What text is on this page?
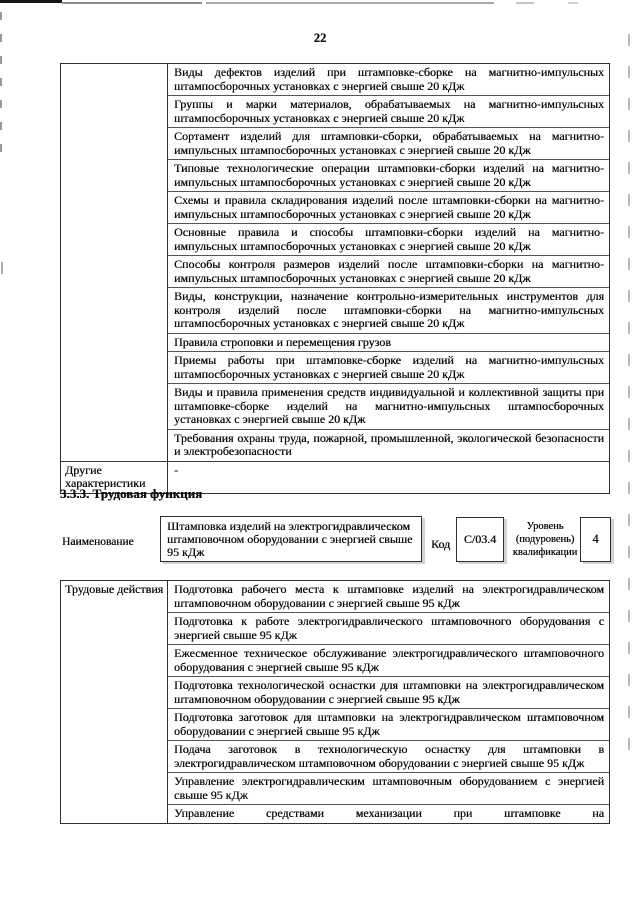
22
Виды дефектов изделий при штамповке-сборке на магнитно-импульсных штампосборочных установках с энергией свыше 20 кДж
Группы и марки материалов, обрабатываемых на магнитно-импульсных штампосборочных установках с энергией свыше 20 кДж
Сортамент изделий для штамповки-сборки, обрабатываемых на магнитно-импульсных штампосборочных установках с энергией свыше 20 кДж
Типовые технологические операции штамповки-сборки изделий на магнитно-импульсных штампосборочных установках с энергией свыше 20 кДж
Схемы и правила складирования изделий после штамповки-сборки на магнитно-импульсных штампосборочных установках с энергией свыше 20 кДж
Основные правила и способы штамповки-сборки изделий на магнитно-импульсных штампосборочных установках с энергией свыше 20 кДж
Способы контроля размеров изделий после штамповки-сборки на магнитно-импульсных штампосборочных установках с энергией свыше 20 кДж
Виды, конструкции, назначение контрольно-измерительных инструментов для контроля изделий после штамповки-сборки на магнитно-импульсных штампосборочных установках с энергией свыше 20 кДж
Правила строповки и перемещения грузов
Приемы работы при штамповке-сборке изделий на магнитно-импульсных штампосборочных установках с энергией свыше 20 кДж
Виды и правила применения средств индивидуальной и коллективной защиты при штамповке-сборке изделий на магнитно-импульсных штампосборочных установках с энергией свыше 20 кДж
Требования охраны труда, пожарной, промышленной, экологической безопасности и электробезопасности
Другие характеристики
-
3.3.3. Трудовая функция
Наименование
Штамповка изделий на электрогидравлическом штамповочном оборудовании с энергией свыше 95 кДж
Код	С/03.4
Уровень (подуровень) квалификации
4
Трудовые действия Подготовка рабочего места к штамповке изделий на электрогидравлическом штамповочном оборудовании с энергией свыше 95 кДж
Подготовка к работе электрогидравлического штамповочного оборудования с энергией свыше 95 кДж
Ежесменное техническое обслуживание электрогидравлического штамповочного оборудования с энергией свыше 95 кДж
Подготовка технологической оснастки для штамповки на электрогидравлическом штамповочном оборудовании с энергией свыше 95 кДж
Подготовка заготовок для штамповки на электрогидравлическом штамповочном оборудовании с энергией свыше 95 кДж
Подача заготовок в технологическую оснастку для штамповки в электрогидравлическом штамповочном оборудовании с энергией свыше 95 кДж
Управление электрогидравлическим штамповочным оборудованием с энергией свыше 95 кДж
Управление средствами механизации при штамповке на
